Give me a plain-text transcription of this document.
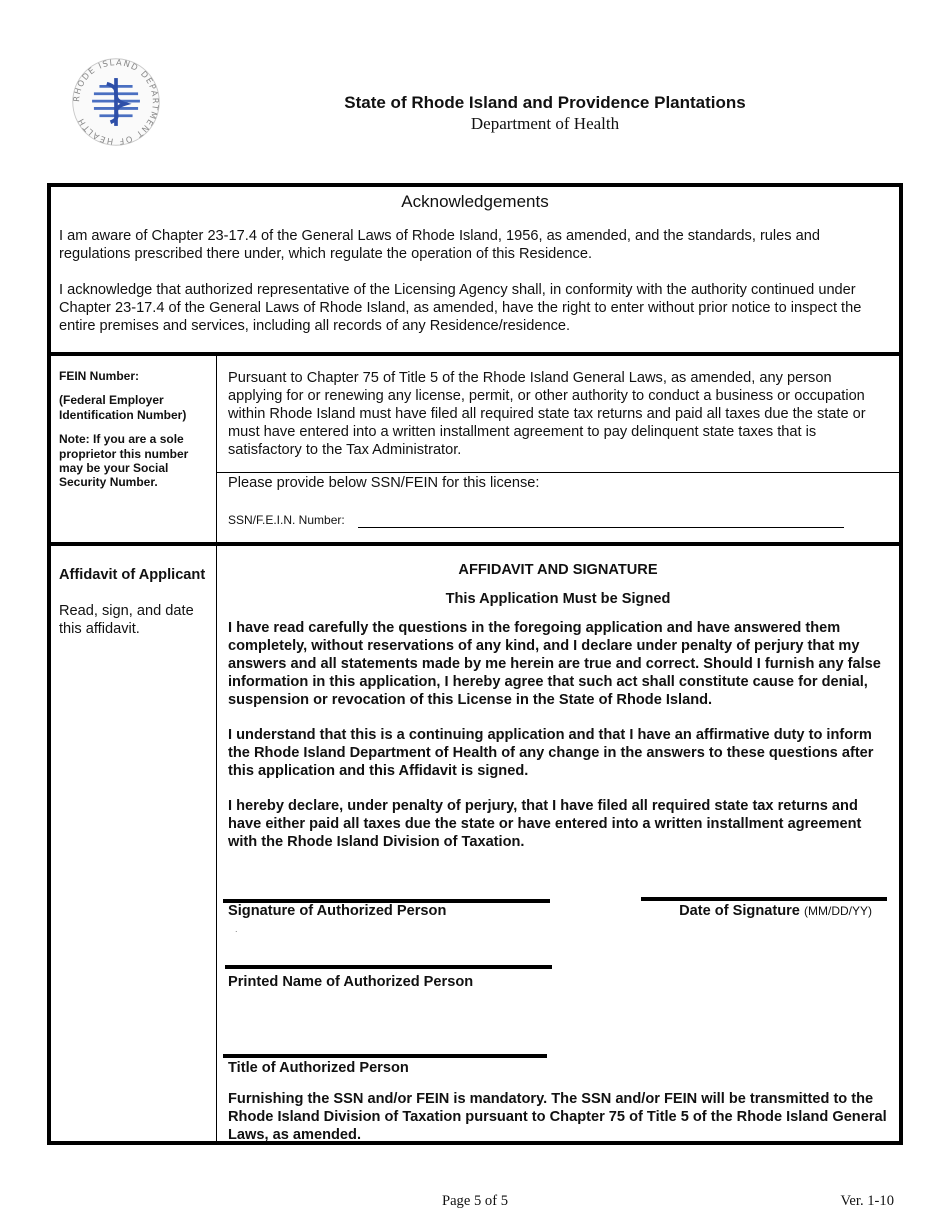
RHODE ISLAND DEPARTMENT OF HEALTH
State of Rhode Island and Providence Plantations
Department of Health
Acknowledgements

I am aware of Chapter 23-17.4 of the General Laws of Rhode Island, 1956, as amended, and the standards, rules and regulations prescribed there under, which regulate the operation of this Residence.

I acknowledge that authorized representative of the Licensing Agency shall, in conformity with the authority continued under Chapter 23-17.4 of the General Laws of Rhode Island, as amended, have the right to enter without prior notice to inspect the entire premises and services, including all records of any Residence/residence.

FEIN Number:

(Federal Employer Identification Number)

Note: If you are a sole proprietor this number may be your Social Security Number.

Pursuant to Chapter 75 of Title 5 of the Rhode Island General Laws, as amended, any person applying for or renewing any license, permit, or other authority to conduct a business or occupation within Rhode Island must have filed all required state tax returns and paid all taxes due the state or must have entered into a written installment agreement to pay delinquent state taxes that is satisfactory to the Tax Administrator.

Please provide below SSN/FEIN for this license:
SSN/F.E.I.N. Number:

Affidavit of Applicant

Read, sign, and date this affidavit.

AFFIDAVIT AND SIGNATURE
This Application Must be Signed

I have read carefully the questions in the foregoing application and have answered them completely, without reservations of any kind, and I declare under penalty of perjury that my answers and all statements made by me herein are true and correct. Should I furnish any false information in this application, I hereby agree that such act shall constitute cause for denial, suspension or revocation of this License in the State of Rhode Island.

I understand that this is a continuing application and that I have an affirmative duty to inform the Rhode Island Department of Health of any change in the answers to these questions after this application and this Affidavit is signed.

I hereby declare, under penalty of perjury, that I have filed all required state tax returns and have either paid all taxes due the state or have entered into a written installment agreement with the Rhode Island Division of Taxation.

Signature of Authorized Person	Date of Signature (MM/DD/YY)
.
Printed Name of Authorized Person
Title of Authorized Person

Furnishing the SSN and/or FEIN is mandatory. The SSN and/or FEIN will be transmitted to the Rhode Island Division of Taxation pursuant to Chapter 75 of Title 5 of the Rhode Island General Laws, as amended.

Page 5 of 5	Ver. 1-10
